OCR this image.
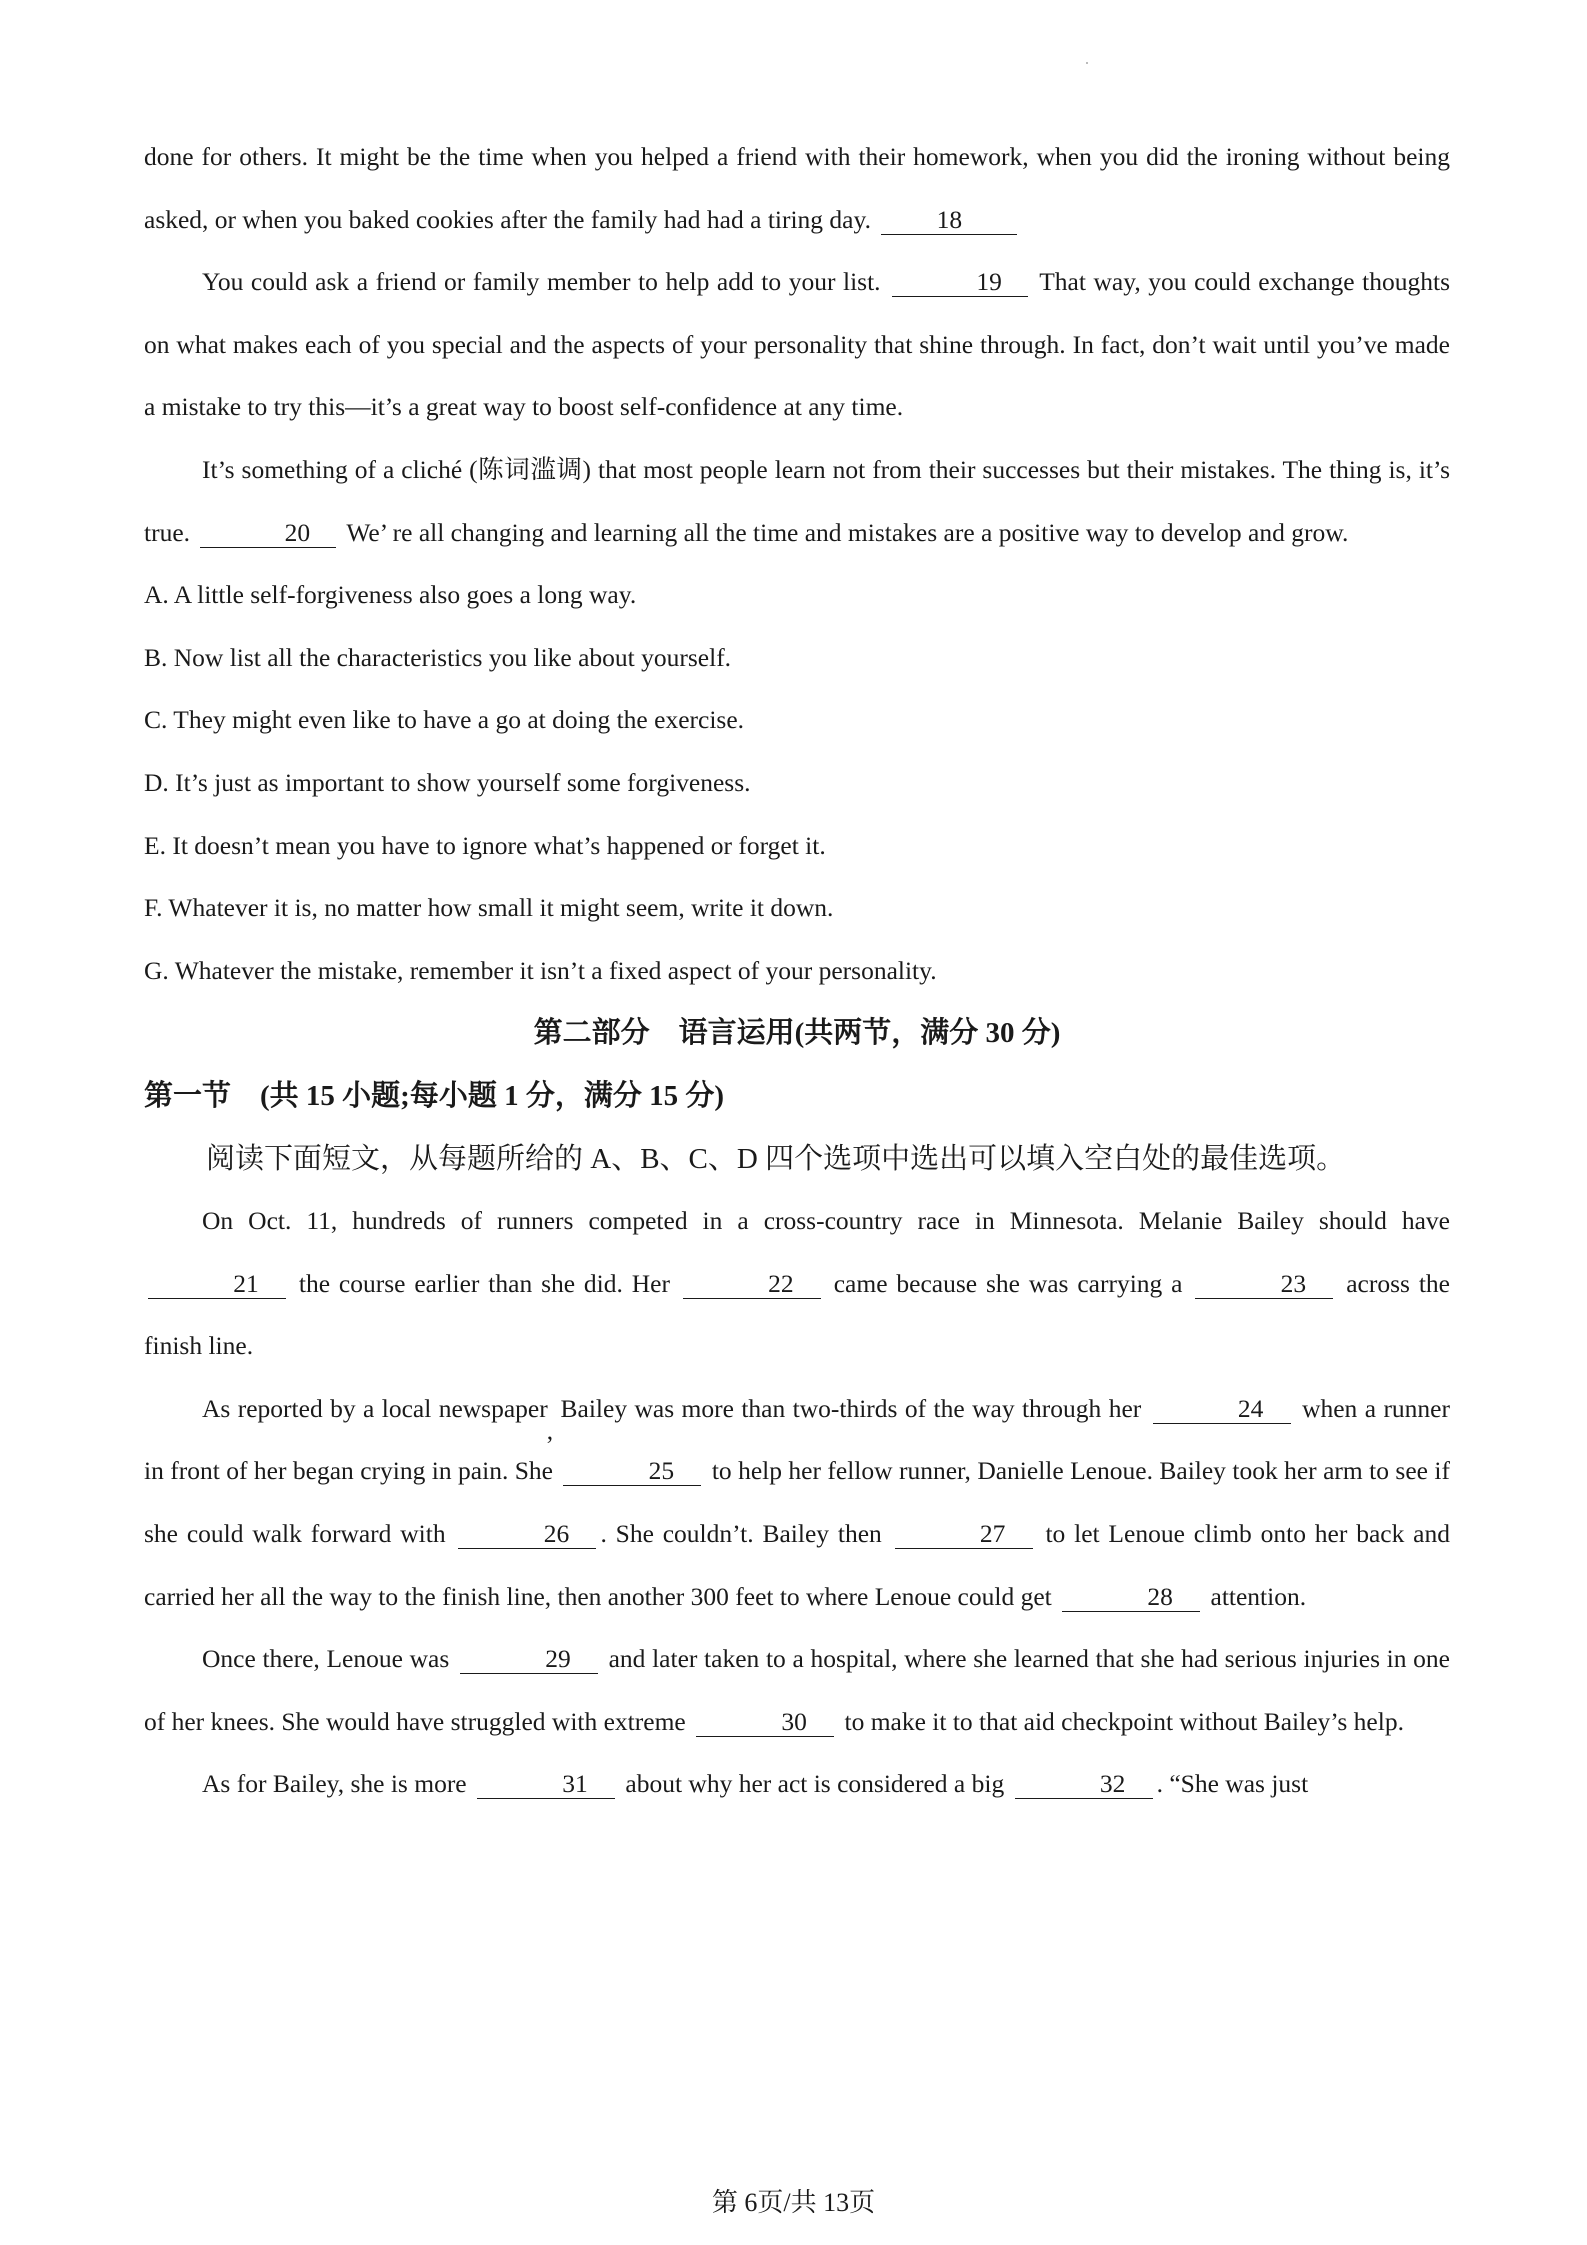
done for others. It might be the time when you helped a friend with their homework, when you did the ironing without being asked, or when you baked cookies after the family had had a tiring day. 18

You could ask a friend or family member to help add to your list.	19 That way, you could exchange thoughts on what makes each of you special and the aspects of your personality that shine through. In fact, don’t wait until you’ve made a mistake to try this—it’s a great way to boost self-confidence at any time.

It’s something of a cliché (陈词滥调) that most people learn not from their successes but their mistakes. The thing is, it’s true.	20 We’ re all changing and learning all the time and mistakes are a positive way to develop and grow.

A. A little self-forgiveness also goes a long way.

B. Now list all the characteristics you like about yourself.

C. They might even like to have a go at doing the exercise.

D. It’s just as important to show yourself some forgiveness.

E. It doesn’t mean you have to ignore what’s happened or forget it.

F. Whatever it is, no matter how small it might seem, write it down.

G. Whatever the mistake, remember it isn’t a fixed aspect of your personality.

第二部分　语言运用(共两节，满分 30 分)

第一节　(共 15 小题;每小题 1 分，满分 15 分)

阅读下面短文，从每题所给的 A、B、C、D 四个选项中选出可以填入空白处的最佳选项。

On Oct. 11, hundreds of runners competed in a cross-country race in Minnesota. Melanie Bailey should have 21 the course earlier than she did. Her	22 came because she was carrying a	23 across the finish line.

As reported by a local newspaper, Bailey was more than two-thirds of the way through her	24 when a runner in front of her began crying in pain. She	25 to help her fellow runner, Danielle Lenoue. Bailey took her arm to see if she could walk forward with	26 . She couldn’t. Bailey then	27 to let Lenoue climb onto her back and carried her all the way to the finish line, then another 300 feet to where Lenoue could get	28 attention.

Once there, Lenoue was	29 and later taken to a hospital, where she learned that she had serious injuries in one of her knees. She would have struggled with extreme	30 to make it to that aid checkpoint without Bailey’s help.

As for Bailey, she is more	31 about why her act is considered a big	32 . “She was just

第 6页/共 13页
